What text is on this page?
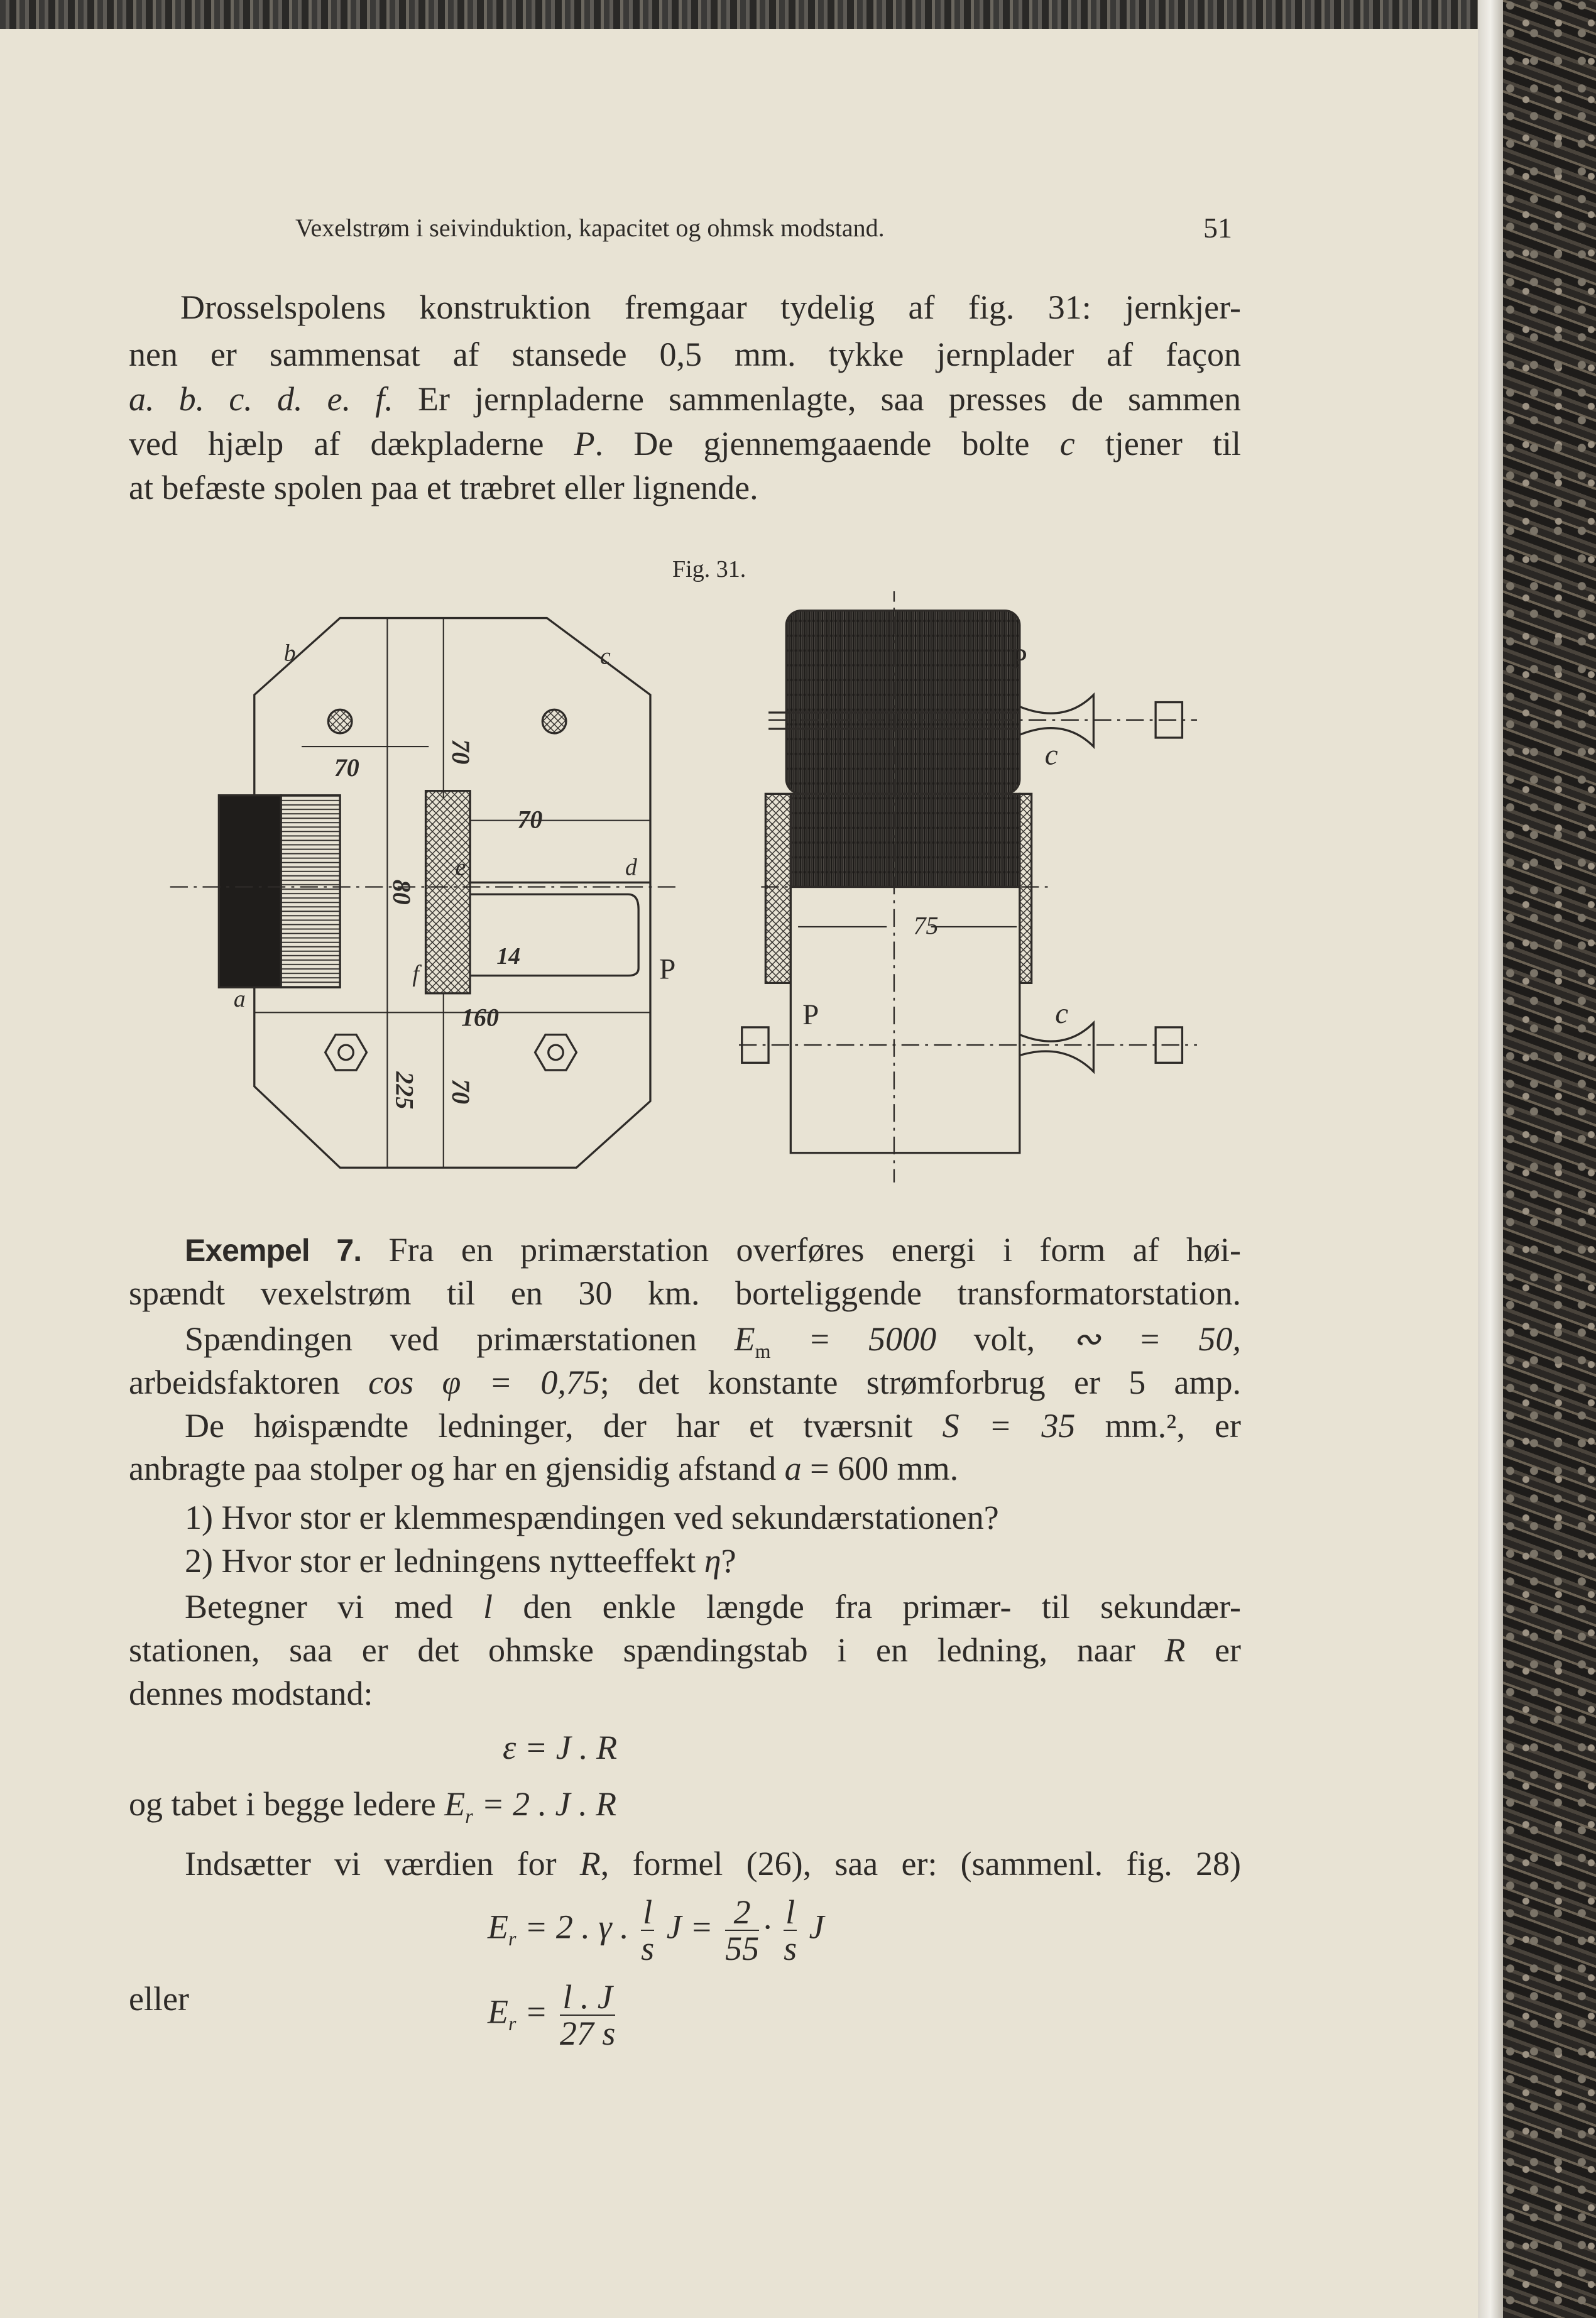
Vexelstrøm i seivinduktion, kapacitet og ohmsk modstand.	51
Drosselspolens konstruktion fremgaar tydelig af fig. 31: jernkjer-
nen er sammensat af stansede 0,5 mm. tykke jernplader af façon
a. b. c. d. e. f. Er jernpladerne sammenlagte, saa presses de sammen
ved hjælp af dækpladerne P. De gjennemgaaende bolte c tjener til
at befæste spolen paa et træbret eller lignende.
Fig. 31.
b	c
e	d
f
a
P
P
P
c
c
70
70
14
160
75
70
80
225	70
Exempel 7. Fra en primærstation overføres energi i form af høi-
spændt vexelstrøm til en 30 km. borteliggende transformatorstation.
Spændingen ved primærstationen $E_m = 5000$ volt, ∾ = 50,
arbeidsfaktoren cos φ = 0,75; det konstante strømforbrug er 5 amp.
De høispændte ledninger, der har et tværsnit S = 35 mm.², er
anbragte paa stolper og har en gjensidig afstand a = 600 mm.
1) Hvor stor er klemmespændingen ved sekundærstationen?
2) Hvor stor er ledningens nytteeffekt η?
Betegner vi med l den enkle længde fra primær- til sekundær-
stationen, saa er det ohmske spændingstab i en ledning, naar R er
dennes modstand:
ε = J . R
og tabet i begge ledere $E_r = 2$ . J . R
Indsætter vi værdien for R, formel (26), saa er: (sammenl. fig. 28)
$E_r = 2$ . γ . $\frac{l}{s}$ $J = \frac{2}{55} \cdot \frac{l}{s}$ J
eller	$E_r = \frac{l . J}{27 s}$
